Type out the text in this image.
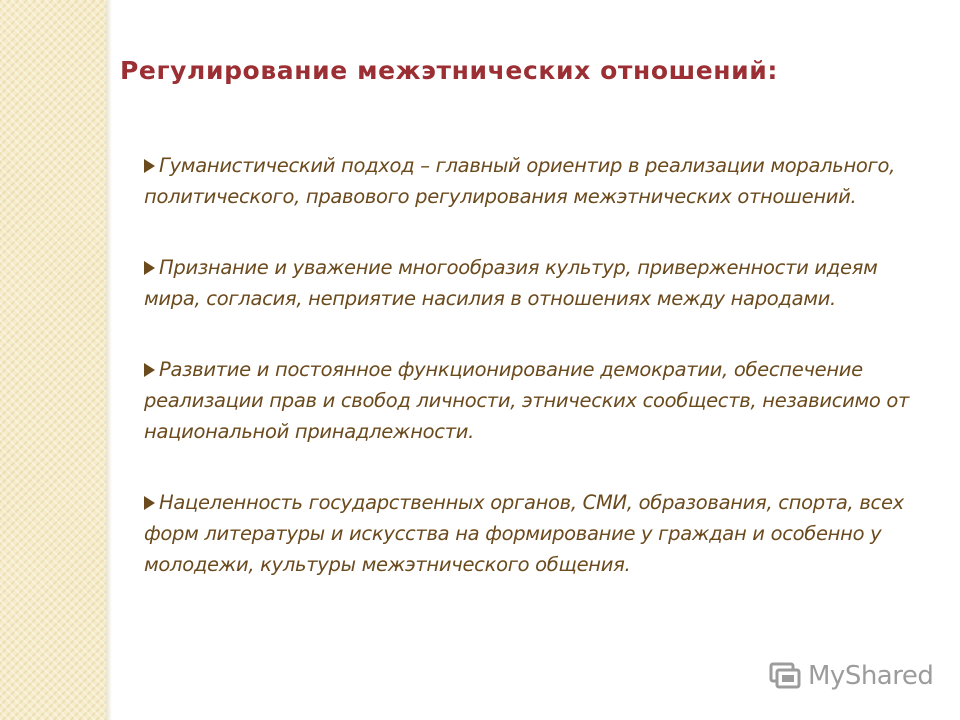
Регулирование межэтнических отношений:
Гуманистический подход – главный ориентир в реализации морального, политического, правового регулирования межэтнических отношений.
Признание и уважение многообразия культур, приверженности идеям мира, согласия, неприятие насилия в отношениях между народами.
Развитие и постоянное функционирование демократии, обеспечение реализации прав и свобод личности, этнических сообществ, независимо от национальной принадлежности.
Нацеленность государственных органов, СМИ, образования, спорта, всех форм литературы и искусства на формирование у граждан и особенно у молодежи, культуры межэтнического общения.
MyShared
